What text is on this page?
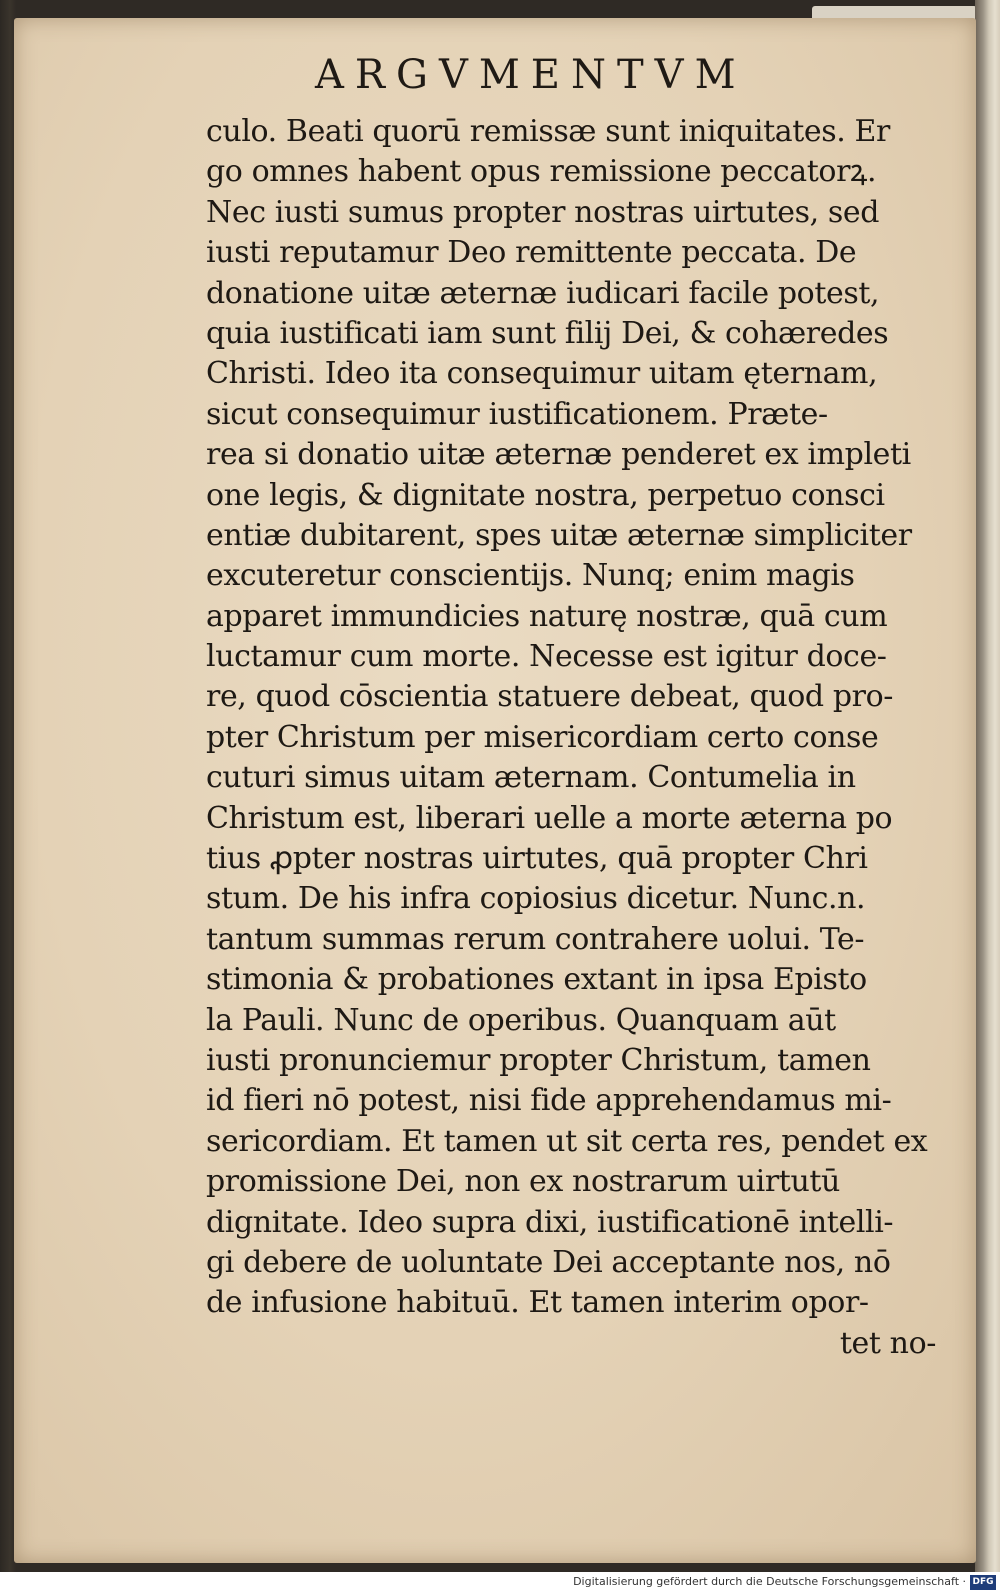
ARGVMENTVM
culo. Beati quorū remissæ sunt iniquitates. Er
go omnes habent opus remissione peccatorꝝ.
Nec iusti sumus propter nostras uirtutes, sed
iusti reputamur Deo remittente peccata. De
donatione uitæ æternæ iudicari facile potest,
quia iustificati iam sunt filij Dei, & cohæredes
Christi. Ideo ita consequimur uitam ęternam,
sicut consequimur iustificationem. Præte-
rea si donatio uitæ æternæ penderet ex impleti
one legis, & dignitate nostra, perpetuo consci
entiæ dubitarent, spes uitæ æternæ simpliciter
excuteretur conscientijs. Nunq; enim magis
apparet immundicies naturę nostræ, quā cum
luctamur cum morte. Necesse est igitur doce-
re, quod cōscientia statuere debeat, quod pro-
pter Christum per misericordiam certo conse
cuturi simus uitam æternam. Contumelia in
Christum est, liberari uelle a morte æterna po
tius ꝓpter nostras uirtutes, quā propter Chri
stum. De his infra copiosius dicetur. Nunc.n.
tantum summas rerum contrahere uolui. Te-
stimonia & probationes extant in ipsa Episto
la Pauli. Nunc de operibus. Quanquam aūt
iusti pronunciemur propter Christum, tamen
id fieri nō potest, nisi fide apprehendamus mi-
sericordiam. Et tamen ut sit certa res, pendet ex
promissione Dei, non ex nostrarum uirtutū
dignitate. Ideo supra dixi, iustificationē intelli-
gi debere de uoluntate Dei acceptante nos, nō
de infusione habituū. Et tamen interim opor-
tet no-
Digitalisierung gefördert durch die Deutsche Forschungsgemeinschaft · DFG
